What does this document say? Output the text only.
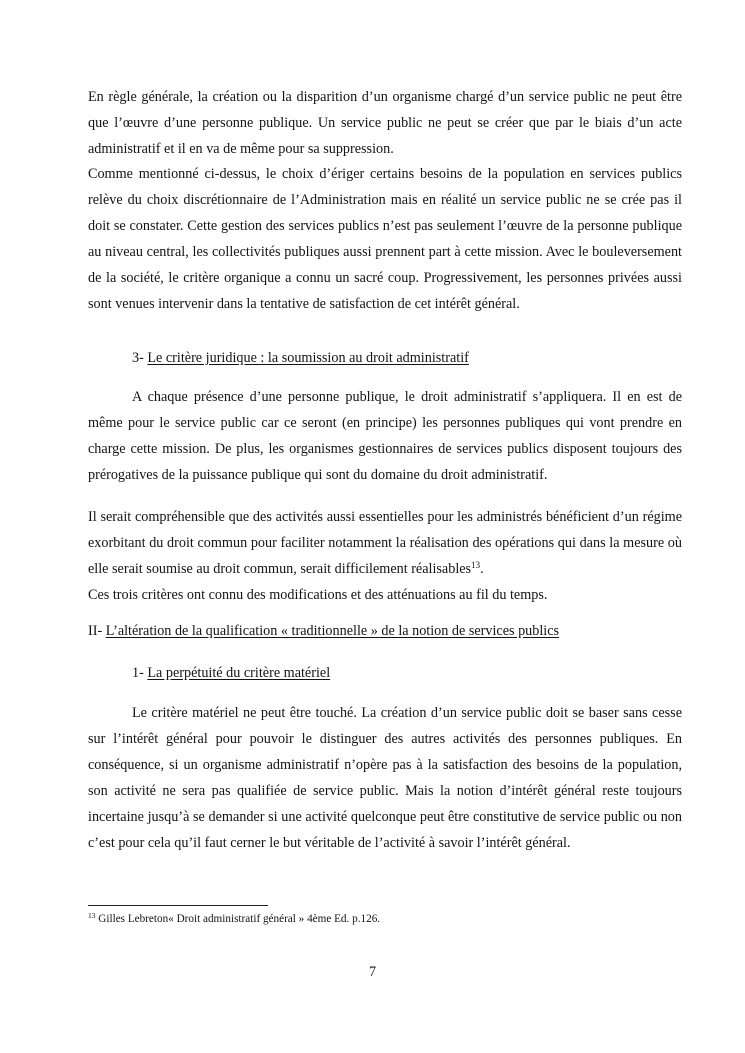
En règle générale, la création ou la disparition d’un organisme chargé d’un service public ne peut être que l’œuvre d’une personne publique. Un service public ne peut se créer que par le biais d’un acte administratif et il en va de même pour sa suppression.

Comme mentionné ci-dessus, le choix d’ériger certains besoins de la population en services publics relève du choix discrétionnaire de l’Administration mais en réalité un service public ne se crée pas il doit se constater. Cette gestion des services publics n’est pas seulement l’œuvre de la personne publique au niveau central, les collectivités publiques aussi prennent part à cette mission. Avec le bouleversement de la société, le critère organique a connu un sacré coup. Progressivement, les personnes privées aussi sont venues intervenir dans la tentative de satisfaction de cet intérêt général.

3- Le critère juridique : la soumission au droit administratif

A chaque présence d’une personne publique, le droit administratif s’appliquera. Il en est de même pour le service public car ce seront (en principe) les personnes publiques qui vont prendre en charge cette mission. De plus, les organismes gestionnaires de services publics disposent toujours des prérogatives de la puissance publique qui sont du domaine du droit administratif.

Il serait compréhensible que des activités aussi essentielles pour les administrés bénéficient d’un régime exorbitant du droit commun pour faciliter notamment la réalisation des opérations qui dans la mesure où elle serait soumise au droit commun, serait difficilement réalisables$^{13}$.

Ces trois critères ont connu des modifications et des atténuations au fil du temps.

II- L’altération de la qualification « traditionnelle » de la notion de services publics

1- La perpétuité du critère matériel

Le critère matériel ne peut être touché. La création d’un service public doit se baser sans cesse sur l’intérêt général pour pouvoir le distinguer des autres activités des personnes publiques. En conséquence, si un organisme administratif n’opère pas à la satisfaction des besoins de la population, son activité ne sera pas qualifiée de service public. Mais la notion d’intérêt général reste toujours incertaine jusqu’à se demander si une activité quelconque peut être constitutive de service public ou non c’est pour cela qu’il faut cerner le but véritable de l’activité à savoir l’intérêt général.

$^{13}$ Gilles Lebreton« Droit administratif général » 4ème Ed. p.126.

7
